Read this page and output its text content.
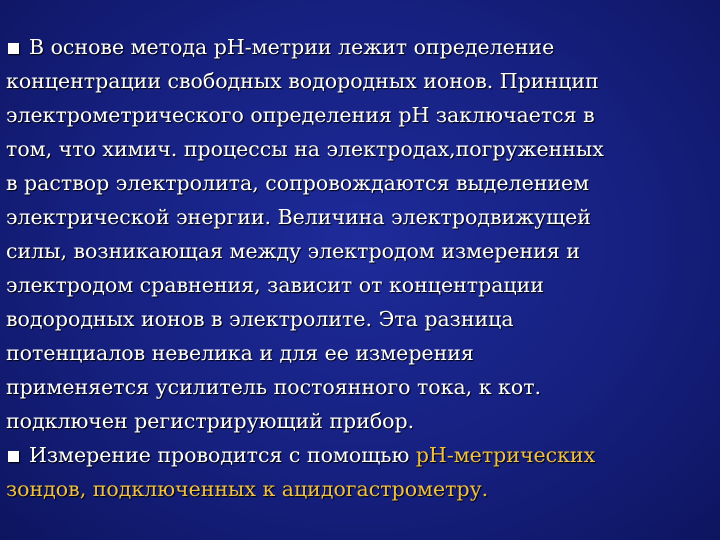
В основе метода рН-метрии лежит определение
концентрации свободных водородных ионов. Принцип
электрометрического определения рН заключается в
том, что химич. процессы на электродах,погруженных
в раствор электролита, сопровождаются выделением
электрической энергии. Величина электродвижущей
силы, возникающая между электродом измерения и
электродом сравнения, зависит от концентрации
водородных ионов в электролите. Эта разница
потенциалов невелика и для ее измерения
применяется усилитель постоянного тока, к кот.
подключен регистрирующий прибор.
Измерение проводится с помощью рН-метрических
зондов, подключенных к ацидогастрометру.
